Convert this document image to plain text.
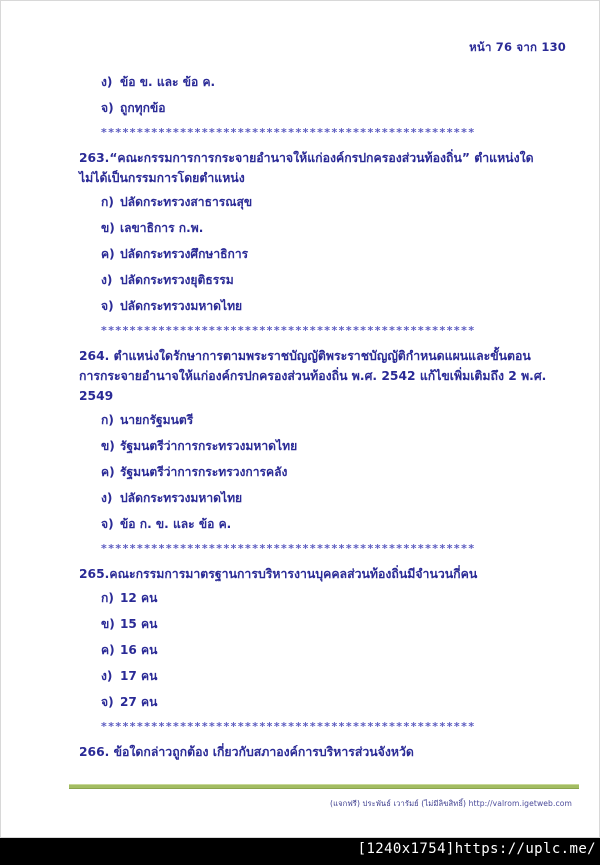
หน้า 76 จาก 130
ง) ข้อ ข. และ ข้อ ค.
จ) ถูกทุกข้อ
****************************************************
263.“คณะกรรมการการกระจายอำนาจให้แก่องค์กรปกครองส่วนท้องถิ่น” ตำแหน่งใด
ไม่ได้เป็นกรรมการโดยตำแหน่ง
ก) ปลัดกระทรวงสาธารณสุข
ข) เลขาธิการ ก.พ.
ค) ปลัดกระทรวงศึกษาธิการ
ง) ปลัดกระทรวงยุติธรรม
จ) ปลัดกระทรวงมหาดไทย
****************************************************
264. ตำแหน่งใดรักษาการตามพระราชบัญญัติพระราชบัญญัติกำหนดแผนและขั้นตอน
การกระจายอำนาจให้แก่องค์กรปกครองส่วนท้องถิ่น พ.ศ. 2542 แก้ไขเพิ่มเติมถึง 2 พ.ศ.
2549
ก) นายกรัฐมนตรี
ข) รัฐมนตรีว่าการกระทรวงมหาดไทย
ค) รัฐมนตรีว่าการกระทรวงการคลัง
ง) ปลัดกระทรวงมหาดไทย
จ) ข้อ ก. ข. และ ข้อ ค.
****************************************************
265.คณะกรรมการมาตรฐานการบริหารงานบุคคลส่วนท้องถิ่นมีจำนวนกี่คน
ก) 12 คน
ข) 15 คน
ค) 16 คน
ง) 17 คน
จ) 27 คน
****************************************************
266. ข้อใดกล่าวถูกต้อง เกี่ยวกับสภาองค์การบริหารส่วนจังหวัด
(แจกฟรี) ประพันธ์ เวารัมย์ (ไม่มีลิขสิทธิ์) http://valrom.igetweb.com
[1240x1754]https://uplc.me/
